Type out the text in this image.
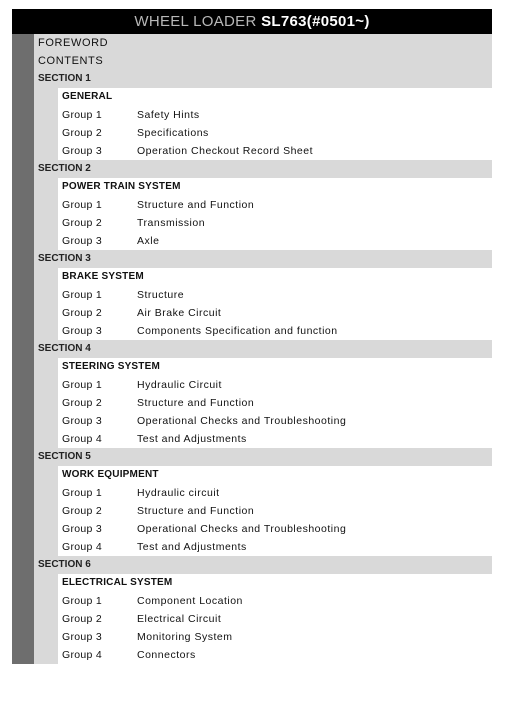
WHEEL LOADER SL763(#0501~)
FOREWORD
CONTENTS
SECTION 1
GENERAL
Group 1	Safety Hints
Group 2	Specifications
Group 3	Operation Checkout Record Sheet
SECTION 2
POWER TRAIN SYSTEM
Group 1	Structure and Function
Group 2	Transmission
Group 3	Axle
SECTION 3
BRAKE SYSTEM
Group 1	Structure
Group 2	Air Brake Circuit
Group 3	Components Specification and function
SECTION 4
STEERING SYSTEM
Group 1	Hydraulic Circuit
Group 2	Structure and Function
Group 3	Operational Checks and Troubleshooting
Group 4	Test and Adjustments
SECTION 5
WORK EQUIPMENT
Group 1	Hydraulic circuit
Group 2	Structure and Function
Group 3	Operational Checks and Troubleshooting
Group 4	Test and Adjustments
SECTION 6
ELECTRICAL SYSTEM
Group 1	Component Location
Group 2	Electrical Circuit
Group 3	Monitoring System
Group 4	Connectors
